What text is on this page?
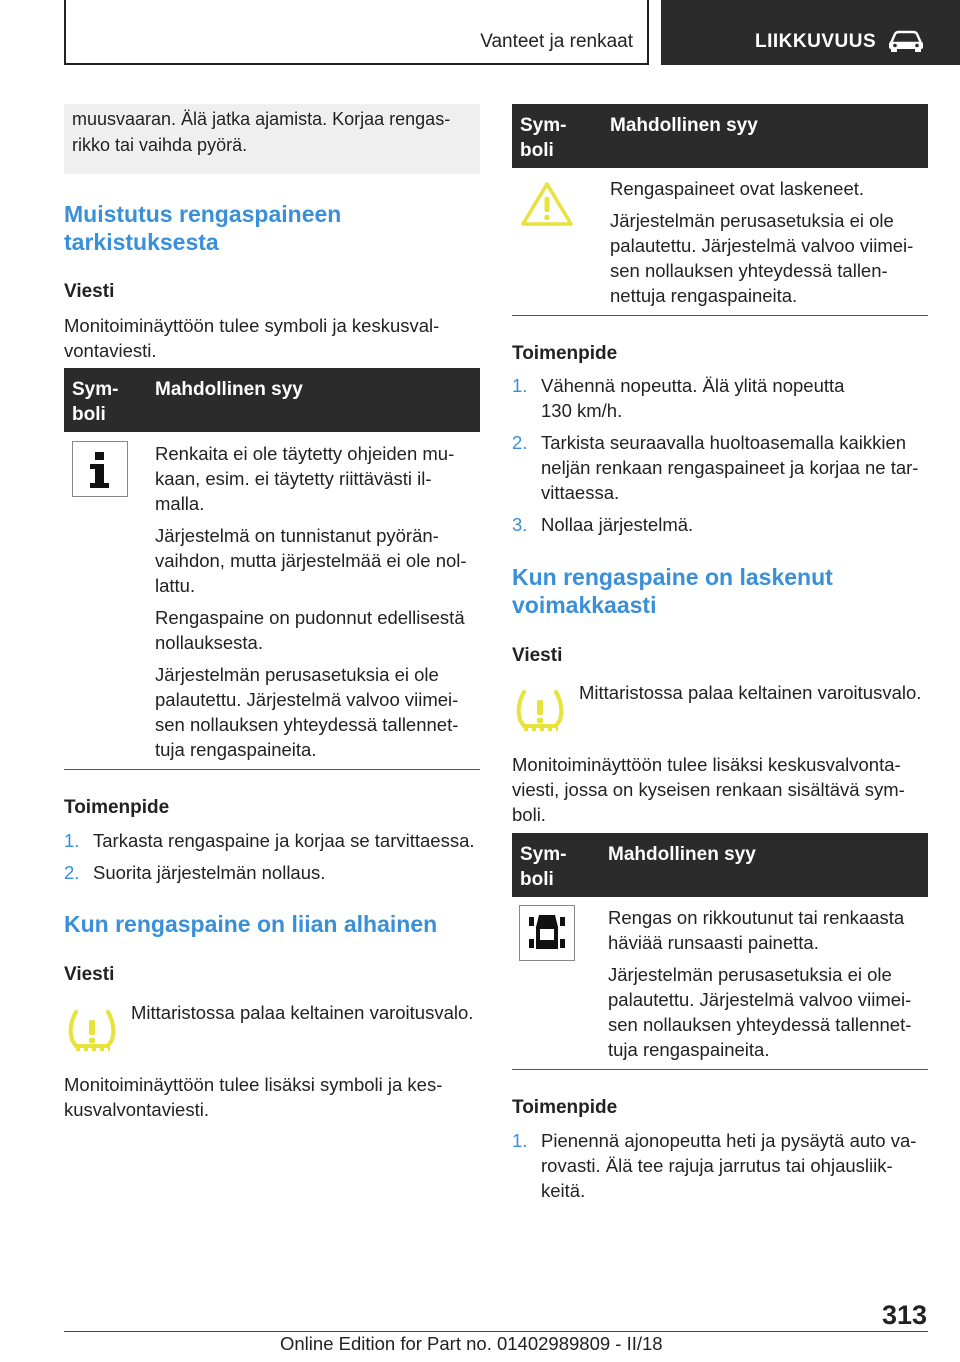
Vanteet ja renkaat	LIIKKUVUUS
muusvaaran. Älä jatka ajamista. Korjaa rengas-
rikko tai vaihda pyörä.
Muistutus rengaspaineen
tarkistuksesta
Viesti
Monitoiminäyttöön tulee symboli ja keskusval-
vontaviesti.
Sym-
boli
Mahdollinen syy

Renkaita ei ole täytetty ohjeiden mu-

kaan, esim. ei täytetty riittävästi il-

malla.

Järjestelmä on tunnistanut pyörän-

vaihdon, mutta järjestelmää ei ole nol-

lattu.

Rengaspaine on pudonnut edellisestä

nollauksesta.

Järjestelmän perusasetuksia ei ole

palautettu. Järjestelmä valvoo viimei-

sen nollauksen yhteydessä tallennet-

tuja rengaspaineita.

Toimenpide
1. Tarkasta rengaspaine ja korjaa se tarvittaessa.
2. Suorita järjestelmän nollaus.
Kun rengaspaine on liian alhainen
Viesti
Mittaristossa palaa keltainen varoitusvalo.
Monitoiminäyttöön tulee lisäksi symboli ja kes-
kusvalvontaviesti.
Sym-
boli
Mahdollinen syy

Rengaspaineet ovat laskeneet.

Järjestelmän perusasetuksia ei ole

palautettu. Järjestelmä valvoo viimei-

sen nollauksen yhteydessä tallen-

nettuja rengaspaineita.

Toimenpide
1. Vähennä nopeutta. Älä ylitä nopeutta
130 km/h.
2. Tarkista seuraavalla huoltoasemalla kaikkien
neljän renkaan rengaspaineet ja korjaa ne tar-
vittaessa.
3. Nollaa järjestelmä.
Kun rengaspaine on laskenut
voimakkaasti
Viesti
Mittaristossa palaa keltainen varoitusvalo.
Monitoiminäyttöön tulee lisäksi keskusvalvonta-
viesti, jossa on kyseisen renkaan sisältävä sym-
boli.
Sym-
boli
Mahdollinen syy

Rengas on rikkoutunut tai renkaasta

häviää runsaasti painetta.

Järjestelmän perusasetuksia ei ole

palautettu. Järjestelmä valvoo viimei-

sen nollauksen yhteydessä tallennet-

tuja rengaspaineita.

Toimenpide
1. Pienennä ajonopeutta heti ja pysäytä auto va-
rovasti. Älä tee rajuja jarrutus tai ohjausliik-
keitä.
313
Online Edition for Part no. 01402989809 - II/18
